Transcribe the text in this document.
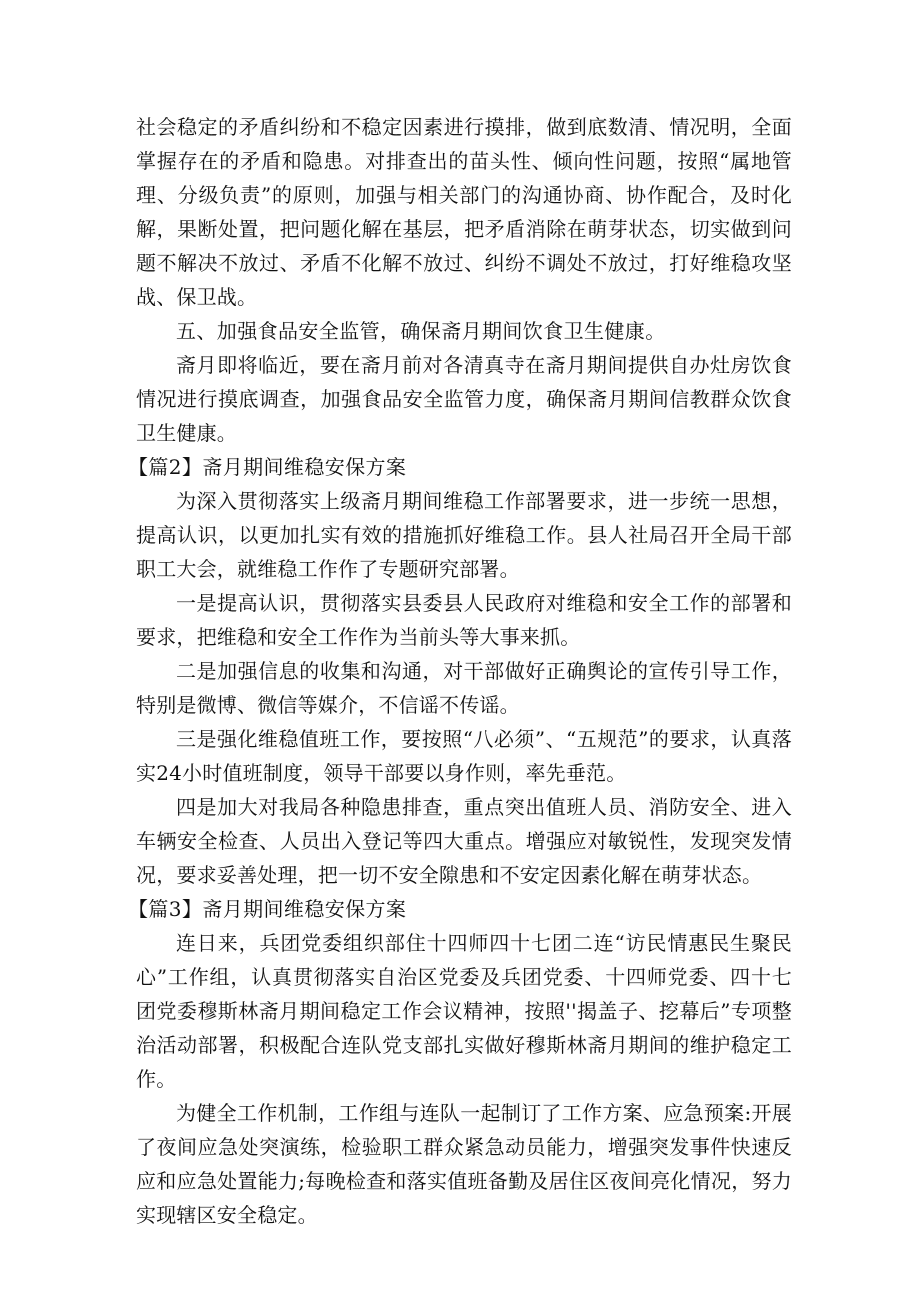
社会稳定的矛盾纠纷和不稳定因素进行摸排，做到底数清、情况明，全面掌握存在的矛盾和隐患。对排查出的苗头性、倾向性问题，按照“属地管理、分级负责”的原则，加强与相关部门的沟通协商、协作配合，及时化解，果断处置，把问题化解在基层，把矛盾消除在萌芽状态，切实做到问题不解决不放过、矛盾不化解不放过、纠纷不调处不放过，打好维稳攻坚战、保卫战。

五、加强食品安全监管，确保斋月期间饮食卫生健康。

斋月即将临近，要在斋月前对各清真寺在斋月期间提供自办灶房饮食情况进行摸底调查，加强食品安全监管力度，确保斋月期间信教群众饮食卫生健康。

【篇2】斋月期间维稳安保方案

为深入贯彻落实上级斋月期间维稳工作部署要求，进一步统一思想，提高认识，以更加扎实有效的措施抓好维稳工作。县人社局召开全局干部职工大会，就维稳工作作了专题研究部署。

一是提高认识，贯彻落实县委县人民政府对维稳和安全工作的部署和要求，把维稳和安全工作作为当前头等大事来抓。

二是加强信息的收集和沟通，对干部做好正确舆论的宣传引导工作，特别是微博、微信等媒介，不信谣不传谣。

三是强化维稳值班工作，要按照“八必须”、“五规范”的要求，认真落实24小时值班制度，领导干部要以身作则，率先垂范。

四是加大对我局各种隐患排查，重点突出值班人员、消防安全、进入车辆安全检查、人员出入登记等四大重点。增强应对敏锐性，发现突发情况，要求妥善处理，把一切不安全隙患和不安定因素化解在萌芽状态。

【篇3】斋月期间维稳安保方案

连日来，兵团党委组织部住十四师四十七团二连“访民情惠民生聚民心”工作组，认真贯彻落实自治区党委及兵团党委、十四师党委、四十七团党委穆斯林斋月期间稳定工作会议精神，按照''揭盖子、挖幕后”专项整治活动部署，积极配合连队党支部扎实做好穆斯林斋月期间的维护稳定工作。

为健全工作机制，工作组与连队一起制订了工作方案、应急预案:开展了夜间应急处突演练，检验职工群众紧急动员能力，增强突发事件快速反应和应急处置能力;每晚检查和落实值班备勤及居住区夜间亮化情况，努力实现辖区安全稳定。
